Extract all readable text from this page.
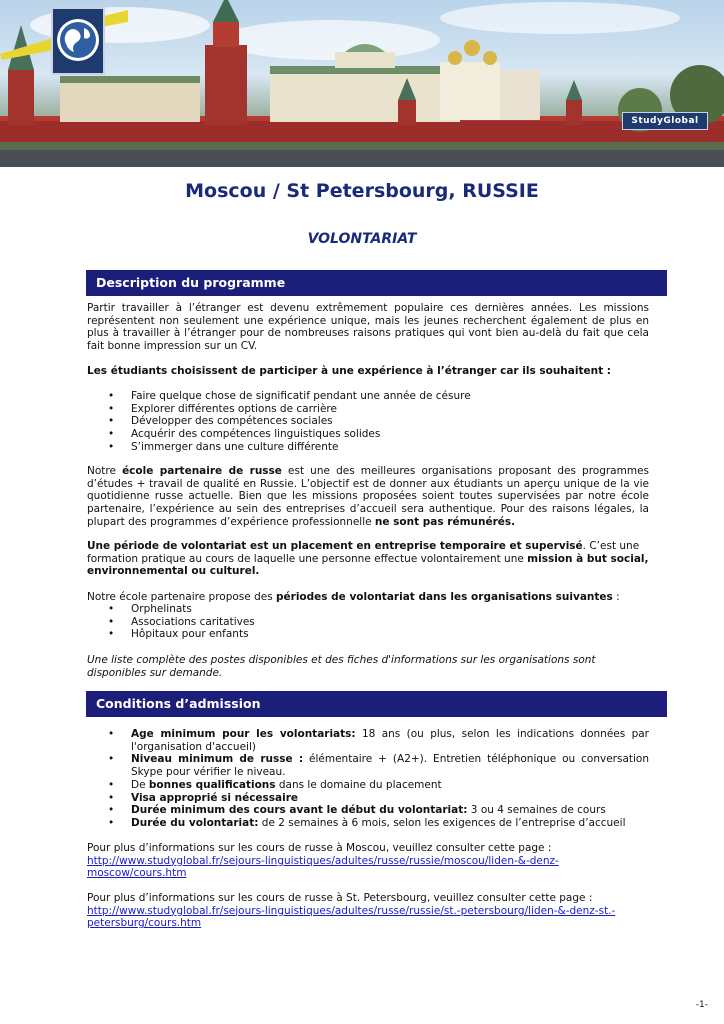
StudyGlobal
Moscou / St Petersbourg, RUSSIE
VOLONTARIAT
Description du programme
Partir travailler à l’étranger est devenu extrêmement populaire ces dernières années. Les missions représentent non seulement une expérience unique, mais les jeunes recherchent également de plus en plus à travailler à l’étranger pour de nombreuses raisons pratiques qui vont bien au-delà du fait que cela fait bonne impression sur un CV.
Les étudiants choisissent de participer à une expérience à l’étranger car ils souhaitent :
• Faire quelque chose de significatif pendant une année de césure
• Explorer différentes options de carrière
• Développer des compétences sociales
• Acquérir des compétences linguistiques solides
• S’immerger dans une culture différente
Notre école partenaire de russe est une des meilleures organisations proposant des programmes d’études + travail de qualité en Russie. L’objectif est de donner aux étudiants un aperçu unique de la vie quotidienne russe actuelle. Bien que les missions proposées soient toutes supervisées par notre école partenaire, l’expérience au sein des entreprises d’accueil sera authentique. Pour des raisons légales, la plupart des programmes d’expérience professionnelle ne sont pas rémunérés.
Une période de volontariat est un placement en entreprise temporaire et supervisé. C’est une formation pratique au cours de laquelle une personne effectue volontairement une mission à but social, environnemental ou culturel.
Notre école partenaire propose des périodes de volontariat dans les organisations suivantes :
• Orphelinats
• Associations caritatives
• Hôpitaux pour enfants
Une liste complète des postes disponibles et des fiches d'informations sur les organisations sont disponibles sur demande.
Conditions d’admission
• Age minimum pour les volontariats: 18 ans (ou plus, selon les indications données par l'organisation d'accueil)
• Niveau minimum de russe : élémentaire + (A2+). Entretien téléphonique ou conversation Skype pour vérifier le niveau.
• De bonnes qualifications dans le domaine du placement
• Visa approprié si nécessaire
• Durée minimum des cours avant le début du volontariat: 3 ou 4 semaines de cours
• Durée du volontariat: de 2 semaines à 6 mois, selon les exigences de l’entreprise d’accueil
Pour plus d’informations sur les cours de russe à Moscou, veuillez consulter cette page :
http://www.studyglobal.fr/sejours-linguistiques/adultes/russe/russie/moscou/liden-&-denz-moscow/cours.htm
Pour plus d’informations sur les cours de russe à St. Petersbourg, veuillez consulter cette page :
http://www.studyglobal.fr/sejours-linguistiques/adultes/russe/russie/st.-petersbourg/liden-&-denz-st.-petersburg/cours.htm
-1-
